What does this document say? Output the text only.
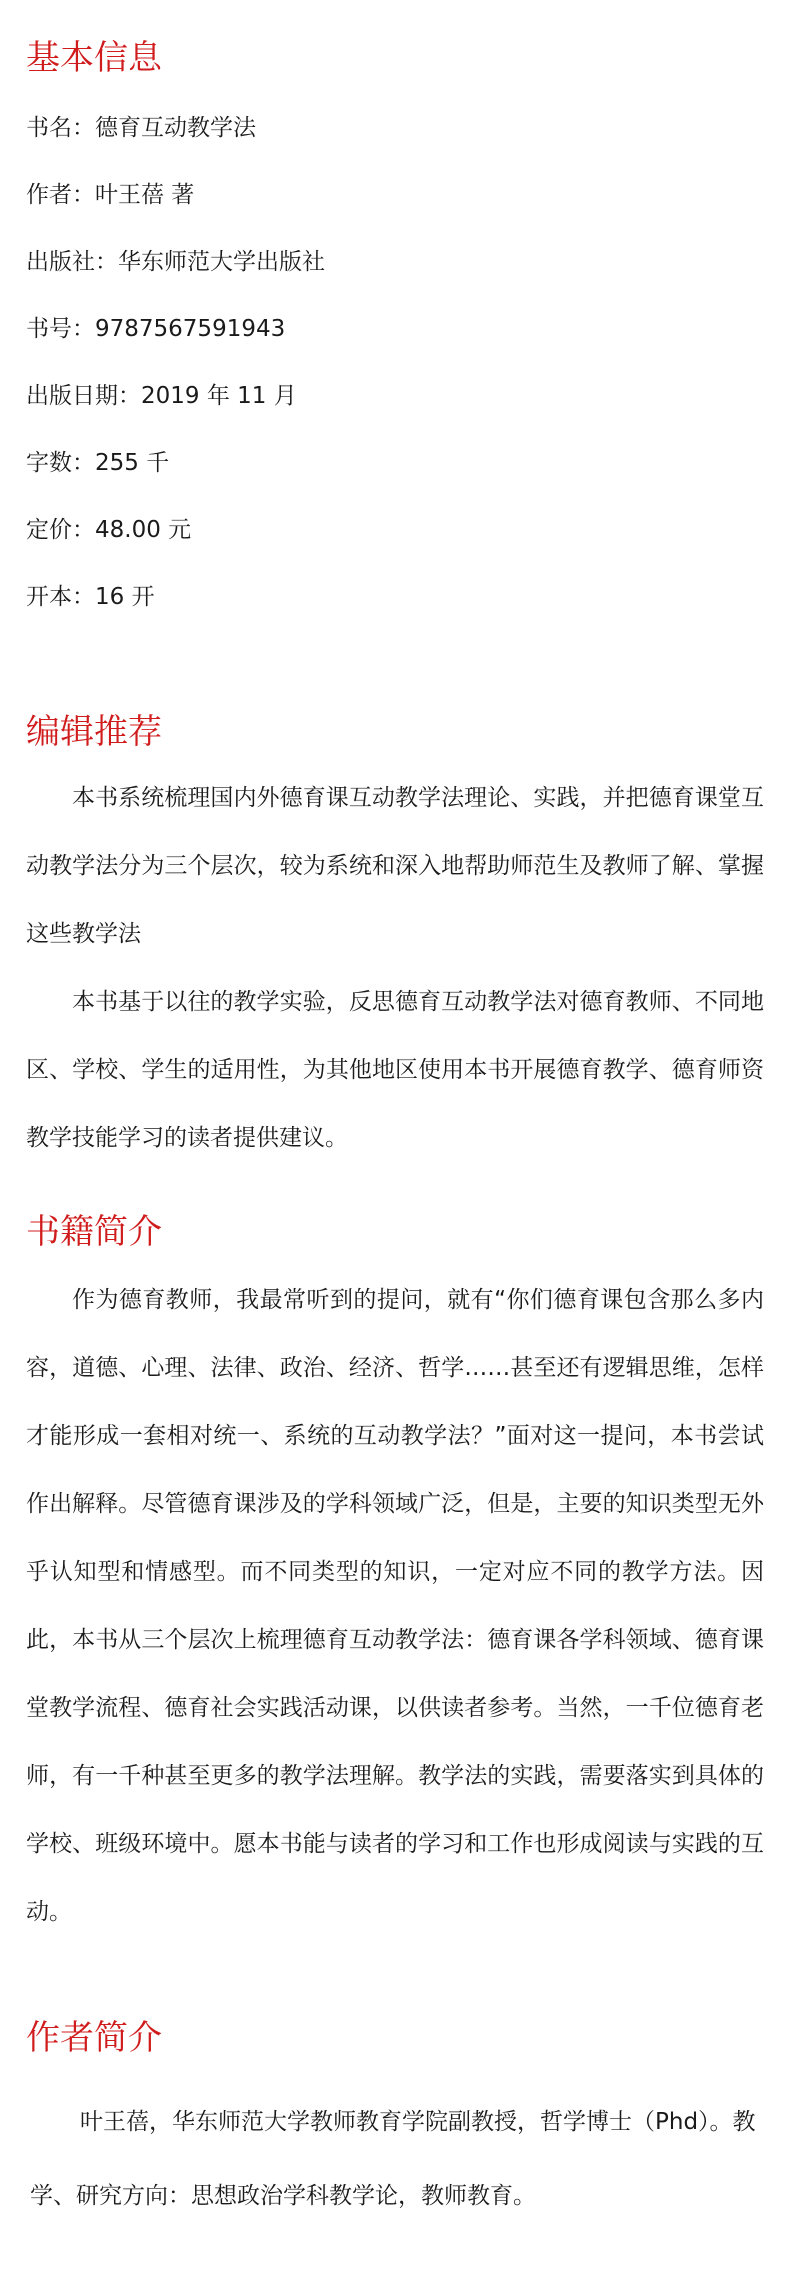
基本信息

书名：德育互动教学法

作者：叶王蓓 著

出版社：华东师范大学出版社

书号：9787567591943

出版日期：2019 年 11 月

字数：255 千

定价：48.00 元

开本：16 开

编辑推荐

本书系统梳理国内外德育课互动教学法理论、实践，并把德育课堂互动教学法分为三个层次，较为系统和深入地帮助师范生及教师了解、掌握这些教学法

本书基于以往的教学实验，反思德育互动教学法对德育教师、不同地区、学校、学生的适用性，为其他地区使用本书开展德育教学、德育师资教学技能学习的读者提供建议。

书籍简介

作为德育教师，我最常听到的提问，就有“你们德育课包含那么多内容，道德、心理、法律、政治、经济、哲学……甚至还有逻辑思维，怎样才能形成一套相对统一、系统的互动教学法？”面对这一提问，本书尝试作出解释。尽管德育课涉及的学科领域广泛，但是，主要的知识类型无外乎认知型和情感型。而不同类型的知识，一定对应不同的教学方法。因此，本书从三个层次上梳理德育互动教学法：德育课各学科领域、德育课堂教学流程、德育社会实践活动课，以供读者参考。当然，一千位德育老师，有一千种甚至更多的教学法理解。教学法的实践，需要落实到具体的学校、班级环境中。愿本书能与读者的学习和工作也形成阅读与实践的互动。

作者简介

叶王蓓，华东师范大学教师教育学院副教授，哲学博士（Phd）。教学、研究方向：思想政治学科教学论，教师教育。
